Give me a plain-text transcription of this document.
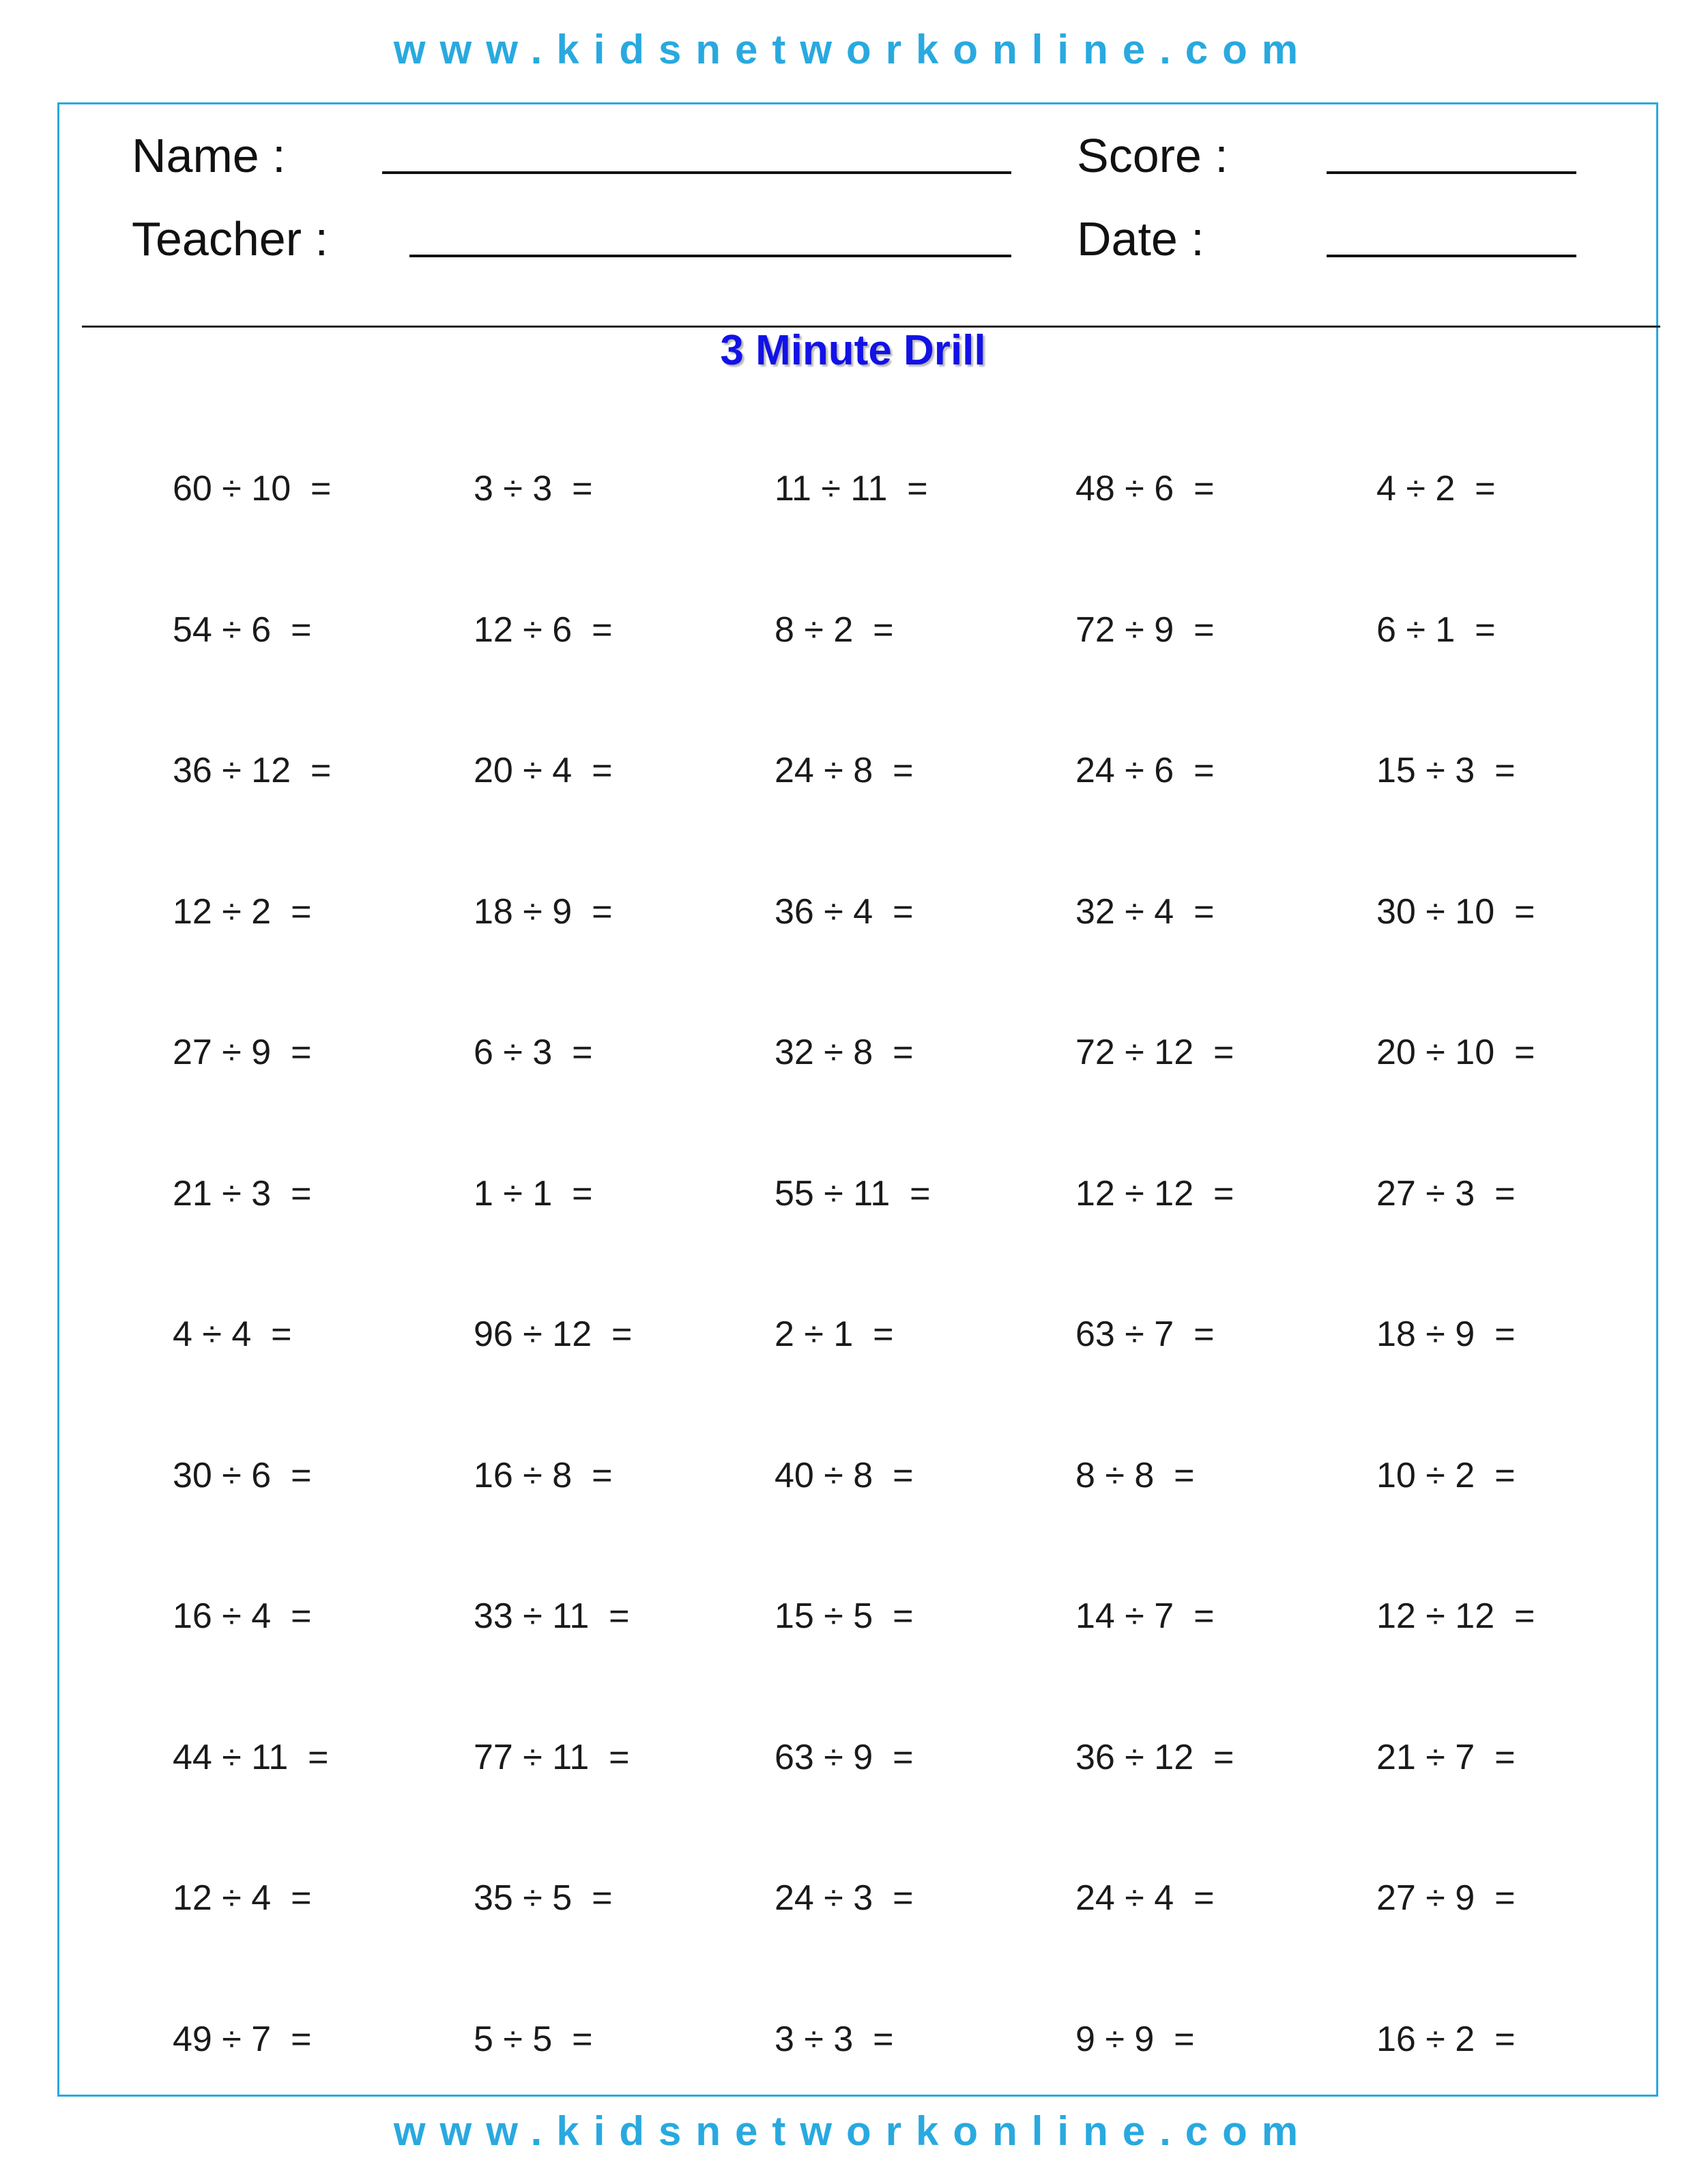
www.kidsnetworkonline.com
Name :
Teacher :
Score :
Date :
3 Minute Drill
60 ÷ 10  =	3 ÷ 3  =	11 ÷ 11  =	48 ÷ 6  =	4 ÷ 2  =
54 ÷ 6  =	12 ÷ 6  =	8 ÷ 2  =	72 ÷ 9  =	6 ÷ 1  =
36 ÷ 12  =	20 ÷ 4  =	24 ÷ 8  =	24 ÷ 6  =	15 ÷ 3  =
12 ÷ 2  =	18 ÷ 9  =	36 ÷ 4  =	32 ÷ 4  =	30 ÷ 10  =
27 ÷ 9  =	6 ÷ 3  =	32 ÷ 8  =	72 ÷ 12  =	20 ÷ 10  =
21 ÷ 3  =	1 ÷ 1  =	55 ÷ 11  =	12 ÷ 12  =	27 ÷ 3  =
4 ÷ 4  =	96 ÷ 12  =	2 ÷ 1  =	63 ÷ 7  =	18 ÷ 9  =
30 ÷ 6  =	16 ÷ 8  =	40 ÷ 8  =	8 ÷ 8  =	10 ÷ 2  =
16 ÷ 4  =	33 ÷ 11  =	15 ÷ 5  =	14 ÷ 7  =	12 ÷ 12  =
44 ÷ 11  =	77 ÷ 11  =	63 ÷ 9  =	36 ÷ 12  =	21 ÷ 7  =
12 ÷ 4  =	35 ÷ 5  =	24 ÷ 3  =	24 ÷ 4  =	27 ÷ 9  =
49 ÷ 7  =	5 ÷ 5  =	3 ÷ 3  =	9 ÷ 9  =	16 ÷ 2  =
www.kidsnetworkonline.com
